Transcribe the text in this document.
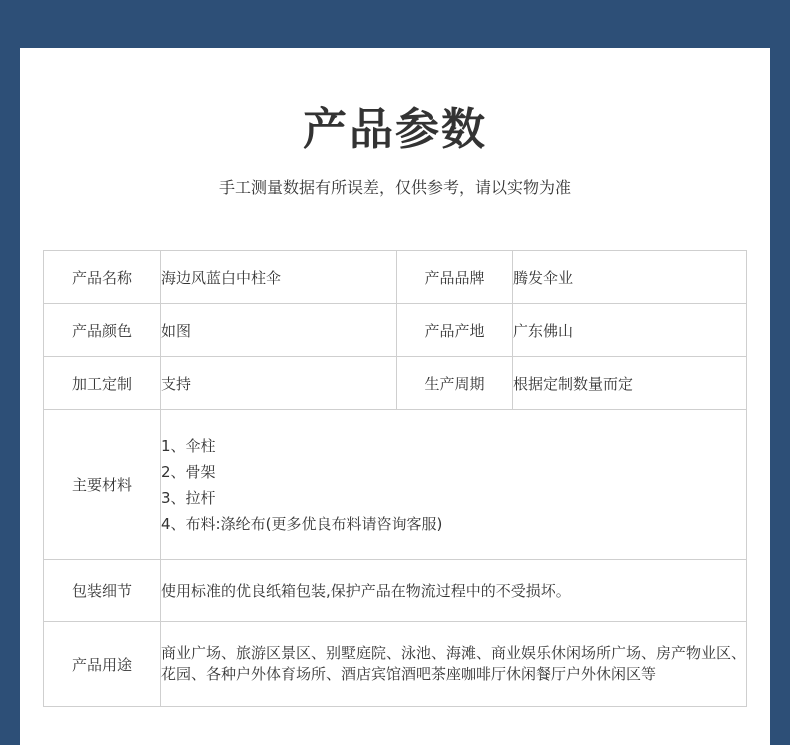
产品参数
手工测量数据有所误差，仅供参考，请以实物为准
产品名称	海边风蓝白中柱伞	产品品牌	腾发伞业
产品颜色	如图	产品产地	广东佛山
加工定制	支持	生产周期	根据定制数量而定
主要材料	1、伞柱
2、骨架
3、拉杆
4、布料:涤纶布(更多优良布料请咨询客服)		

包装细节	使用标准的优良纸箱包装,保护产品在物流过程中的不受损坏。		
产品用途	商业广场、旅游区景区、别墅庭院、泳池、海滩、商业娱乐休闲场所广场、房产物业区、花园、各种户外体育场所、酒店宾馆酒吧茶座咖啡厅休闲餐厅户外休闲区等		
